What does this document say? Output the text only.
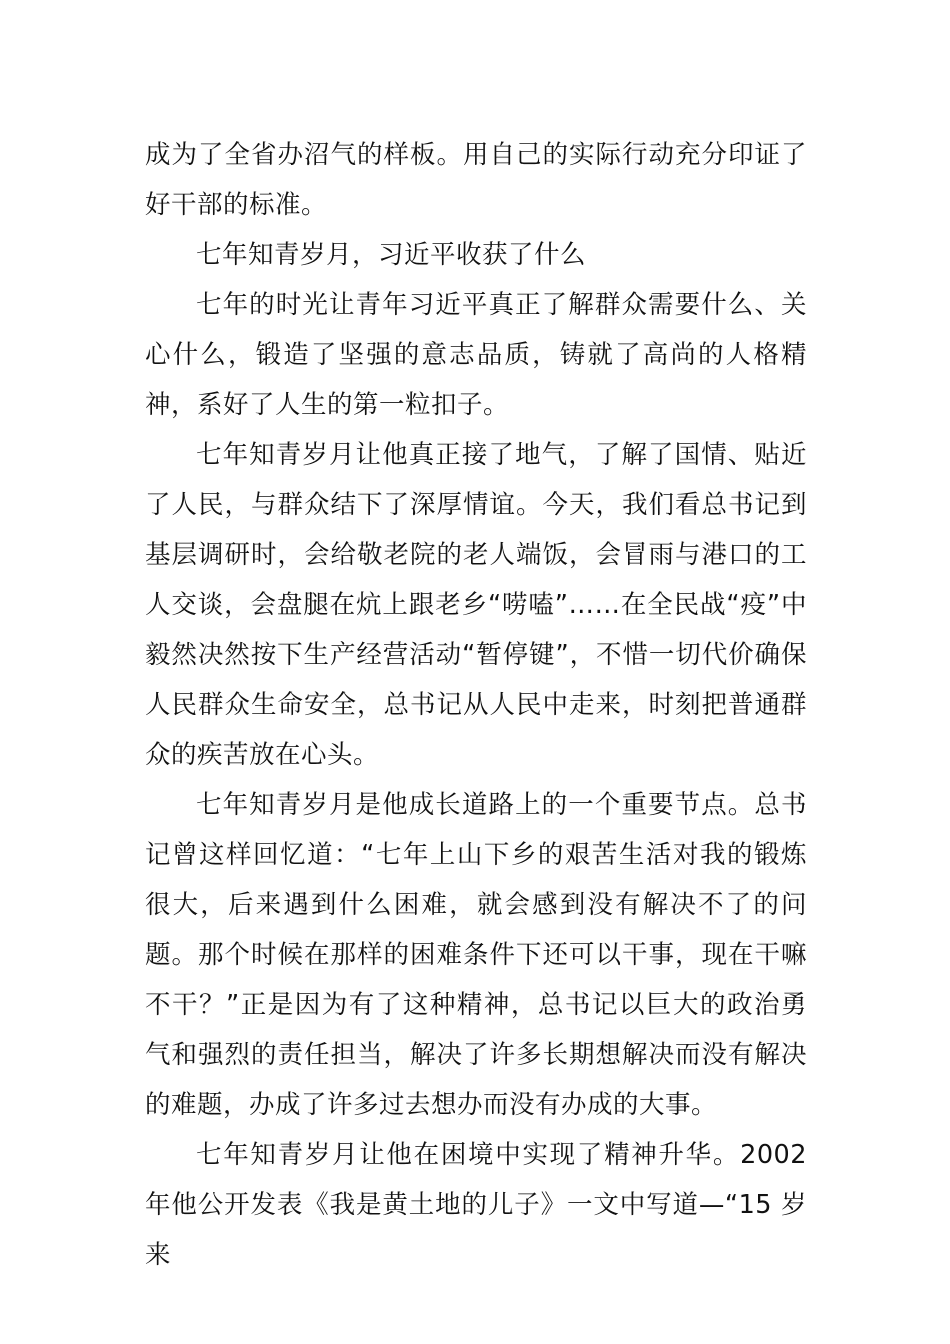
成为了全省办沼气的样板。用自己的实际行动充分印证了好干部的标准。

七年知青岁月，习近平收获了什么

七年的时光让青年习近平真正了解群众需要什么、关心什么，锻造了坚强的意志品质，铸就了高尚的人格精神，系好了人生的第一粒扣子。

七年知青岁月让他真正接了地气，了解了国情、贴近了人民，与群众结下了深厚情谊。今天，我们看总书记到基层调研时，会给敬老院的老人端饭，会冒雨与港口的工人交谈，会盘腿在炕上跟老乡“唠嗑”……在全民战“疫”中毅然决然按下生产经营活动“暂停键”，不惜一切代价确保人民群众生命安全，总书记从人民中走来，时刻把普通群众的疾苦放在心头。

七年知青岁月是他成长道路上的一个重要节点。总书记曾这样回忆道：“七年上山下乡的艰苦生活对我的锻炼很大，后来遇到什么困难，就会感到没有解决不了的问题。那个时候在那样的困难条件下还可以干事，现在干嘛不干？”正是因为有了这种精神，总书记以巨大的政治勇气和强烈的责任担当，解决了许多长期想解决而没有解决的难题，办成了许多过去想办而没有办成的大事。

七年知青岁月让他在困境中实现了精神升华。2002 年他公开发表《我是黄土地的儿子》一文中写道—“15 岁来
